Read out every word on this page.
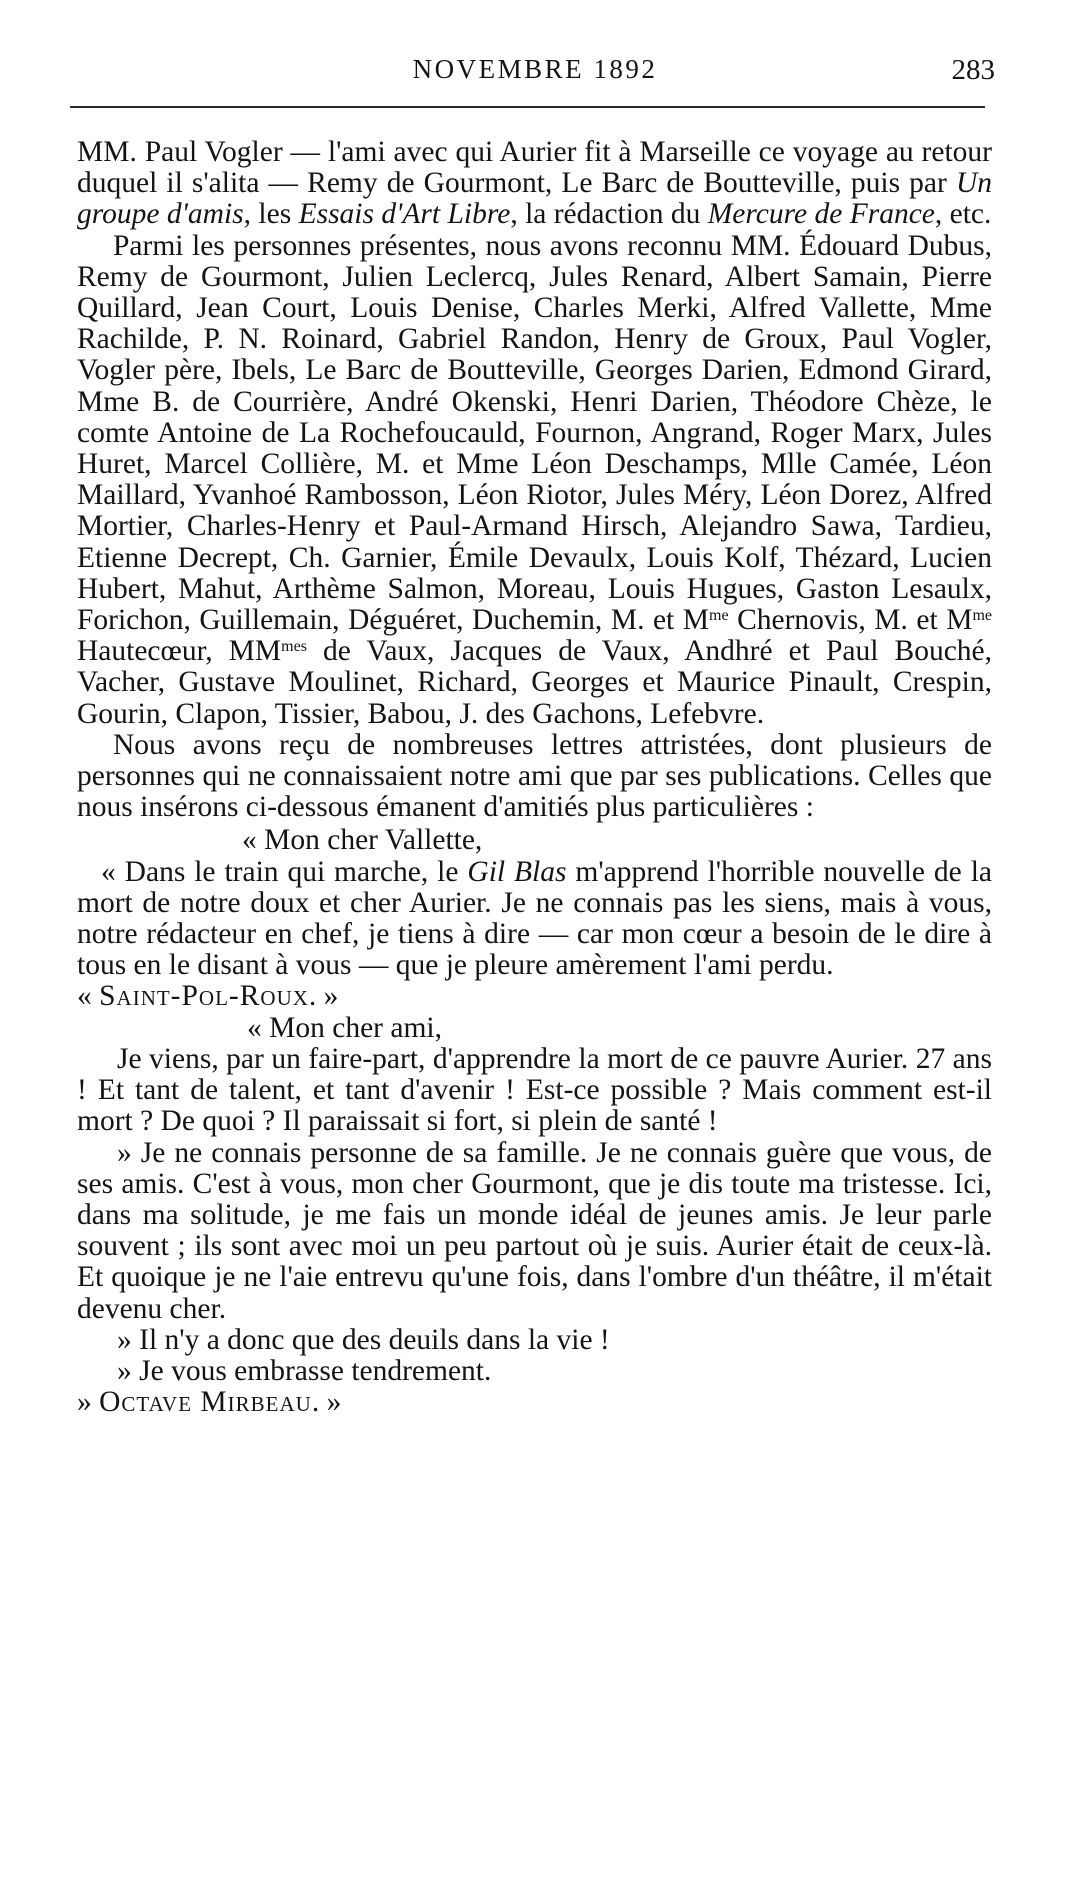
NOVEMBRE 1892	283

MM. Paul Vogler — l'ami avec qui Aurier fit à Marseille ce voyage au retour duquel il s'alita — Remy de Gourmont, Le Barc de Boutteville, puis par Un groupe d'amis, les Essais d'Art Libre, la rédaction du Mercure de France, etc.

Parmi les personnes présentes, nous avons reconnu MM. Édouard Dubus, Remy de Gourmont, Julien Leclercq, Jules Renard, Albert Samain, Pierre Quillard, Jean Court, Louis Denise, Charles Merki, Alfred Vallette, Mme Rachilde, P. N. Roinard, Gabriel Randon, Henry de Groux, Paul Vogler, Vogler père, Ibels, Le Barc de Boutteville, Georges Darien, Edmond Girard, Mme B. de Courrière, André Okenski, Henri Darien, Théodore Chèze, le comte Antoine de La Rochefoucauld, Fournon, Angrand, Roger Marx, Jules Huret, Marcel Collière, M. et Mme Léon Deschamps, Mlle Camée, Léon Maillard, Yvanhoé Rambosson, Léon Riotor, Jules Méry, Léon Dorez, Alfred Mortier, Charles-Henry et Paul-Armand Hirsch, Alejandro Sawa, Tardieu, Etienne Decrept, Ch. Garnier, Émile Devaulx, Louis Kolf, Thézard, Lucien Hubert, Mahut, Arthème Salmon, Moreau, Louis Hugues, Gaston Lesaulx, Forichon, Guillemain, Déguéret, Duchemin, M. et $M^{me}$ Chernovis, M. et $M^{me}$ Hautecœur, $MM^{mes}$ de Vaux, Jacques de Vaux, Andhré et Paul Bouché, Vacher, Gustave Moulinet, Richard, Georges et Maurice Pinault, Crespin, Gourin, Clapon, Tissier, Babou, J. des Gachons, Lefebvre.

Nous avons reçu de nombreuses lettres attristées, dont plusieurs de personnes qui ne connaissaient notre ami que par ses publications. Celles que nous insérons ci-dessous émanent d'amitiés plus particulières :

« Mon cher Vallette,

« Dans le train qui marche, le Gil Blas m'apprend l'horrible nouvelle de la mort de notre doux et cher Aurier. Je ne connais pas les siens, mais à vous, notre rédacteur en chef, je tiens à dire — car mon cœur a besoin de le dire à tous en le disant à vous — que je pleure amèrement l'ami perdu.

« Saint-Pol-Roux. »

« Mon cher ami,

Je viens, par un faire-part, d'apprendre la mort de ce pauvre Aurier. 27 ans ! Et tant de talent, et tant d'avenir ! Est-ce possible ? Mais comment est-il mort ? De quoi ? Il paraissait si fort, si plein de santé !

» Je ne connais personne de sa famille. Je ne connais guère que vous, de ses amis. C'est à vous, mon cher Gourmont, que je dis toute ma tristesse. Ici, dans ma solitude, je me fais un monde idéal de jeunes amis. Je leur parle souvent ; ils sont avec moi un peu partout où je suis. Aurier était de ceux-là. Et quoique je ne l'aie entrevu qu'une fois, dans l'ombre d'un théâtre, il m'était devenu cher.

» Il n'y a donc que des deuils dans la vie !

» Je vous embrasse tendrement.

» Octave Mirbeau. »
